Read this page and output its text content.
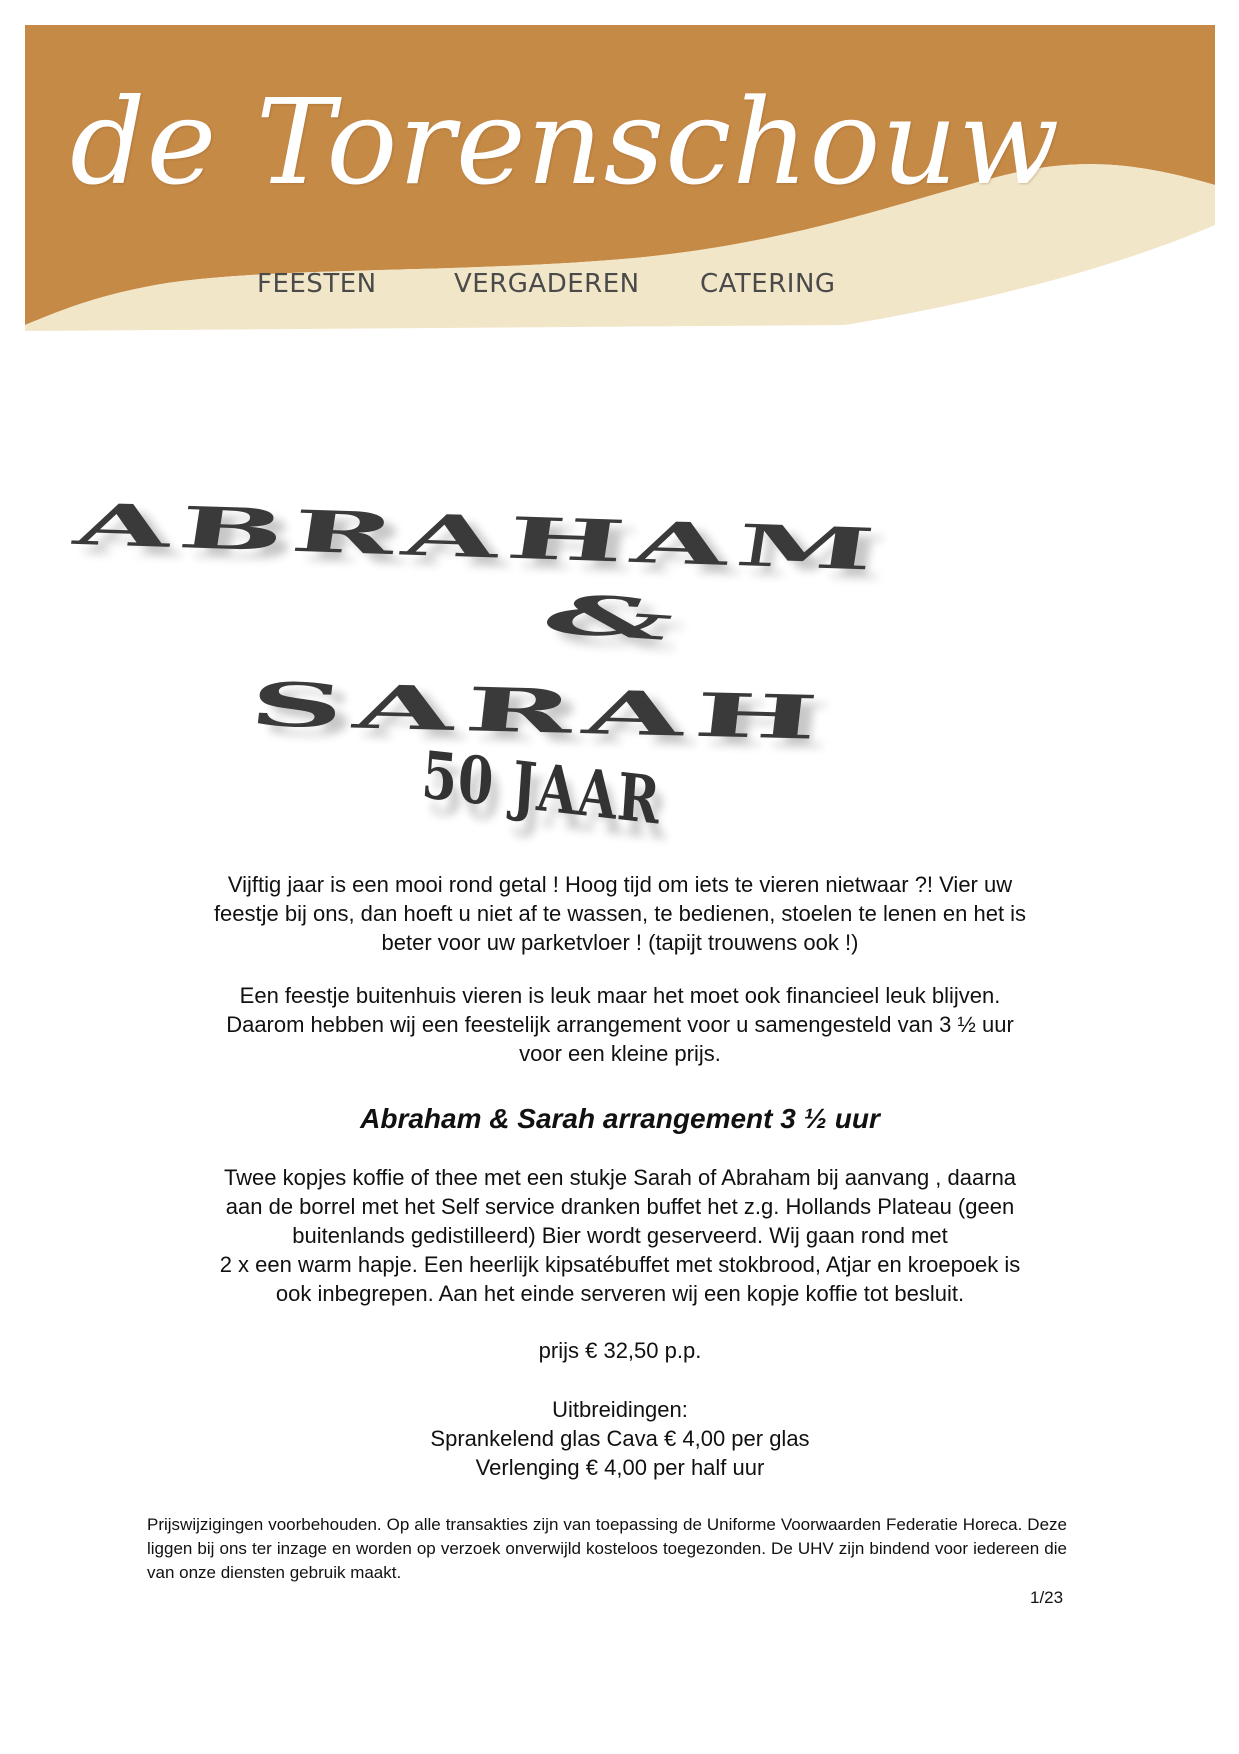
de Torenschouw
FEESTEN	VERGADEREN CATERING
ABRAHAM
&
SARAH
50 JAAR

Vijftig jaar is een mooi rond getal ! Hoog tijd om iets te vieren nietwaar ?! Vier uw

feestje bij ons, dan hoeft u niet af te wassen, te bedienen, stoelen te lenen en het is

beter voor uw parketvloer ! (tapijt trouwens ook !)

Een feestje buitenhuis vieren is leuk maar het moet ook financieel leuk blijven.

Daarom hebben wij een feestelijk arrangement voor u samengesteld van 3 ½ uur

voor een kleine prijs.

Abraham & Sarah arrangement 3 ½ uur

Twee kopjes koffie of thee met een stukje Sarah of Abraham bij aanvang , daarna

aan de borrel met het Self service dranken buffet het z.g. Hollands Plateau (geen

buitenlands gedistilleerd) Bier wordt geserveerd. Wij gaan rond met

2 x een warm hapje. Een heerlijk kipsatébuffet met stokbrood, Atjar en kroepoek is

ook inbegrepen. Aan het einde serveren wij een kopje koffie tot besluit.

prijs € 32,50 p.p.

Uitbreidingen:

Sprankelend glas Cava € 4,00 per glas

Verlenging € 4,00 per half uur

Prijswijzigingen voorbehouden. Op alle transakties zijn van toepassing de Uniforme Voorwaarden Federatie Horeca. Deze liggen bij ons ter inzage en worden op verzoek onverwijld kosteloos toegezonden. De UHV zijn bindend voor iedereen die van onze diensten gebruik maakt.
1/23
